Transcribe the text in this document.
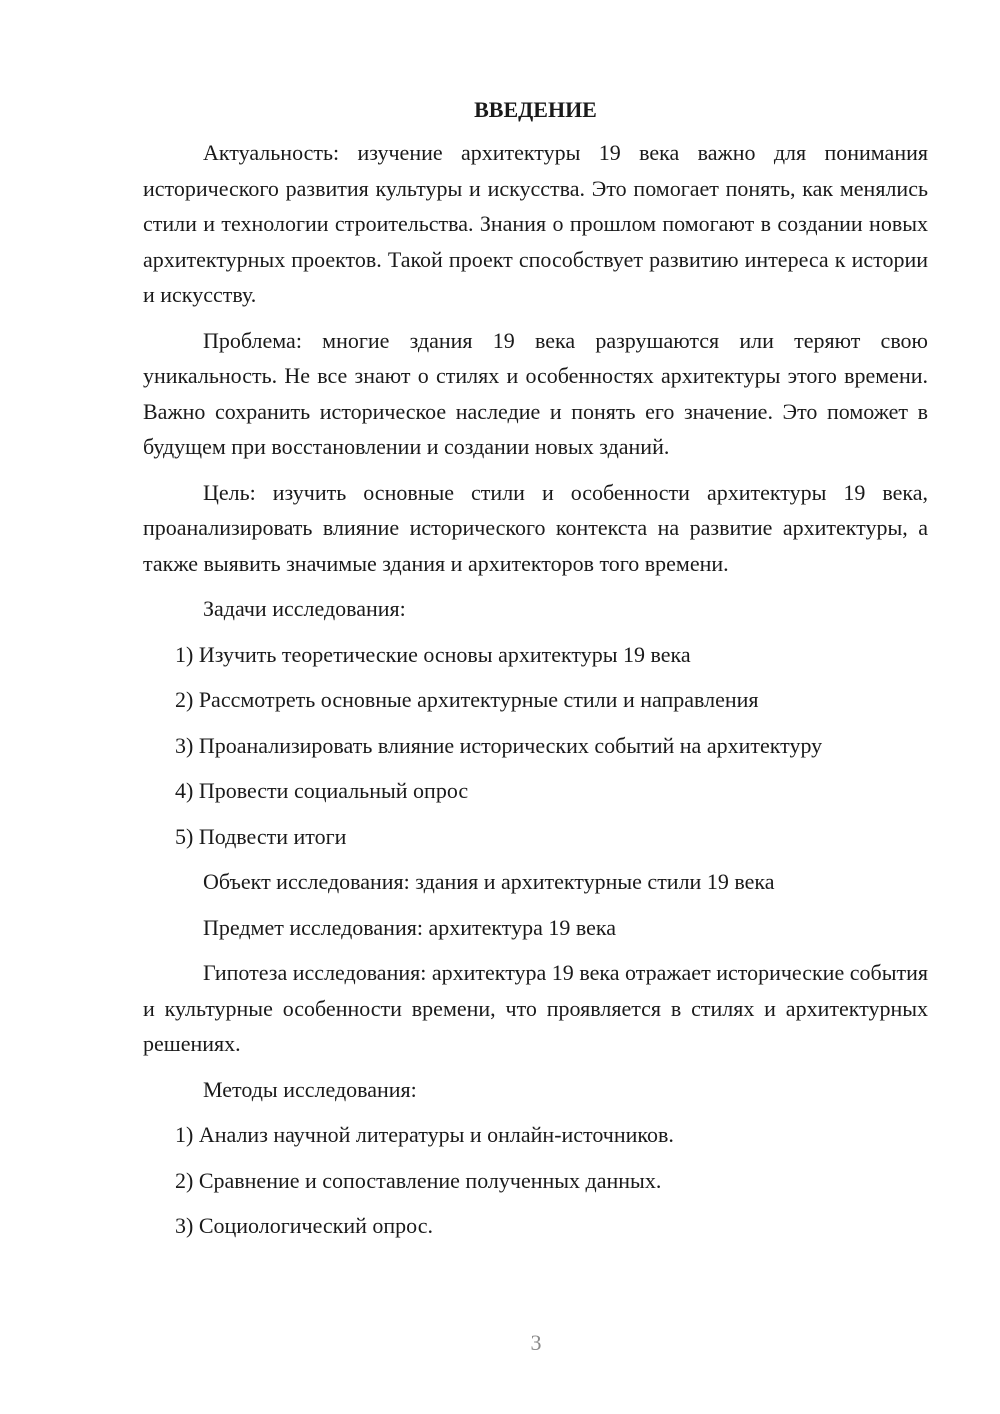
ВВЕДЕНИЕ
Актуальность: изучение архитектуры 19 века важно для понимания исторического развития культуры и искусства. Это помогает понять, как менялись стили и технологии строительства. Знания о прошлом помогают в создании новых архитектурных проектов. Такой проект способствует развитию интереса к истории и искусству.
Проблема: многие здания 19 века разрушаются или теряют свою уникальность. Не все знают о стилях и особенностях архитектуры этого времени. Важно сохранить историческое наследие и понять его значение. Это поможет в будущем при восстановлении и создании новых зданий.
Цель: изучить основные стили и особенности архитектуры 19 века, проанализировать влияние исторического контекста на развитие архитектуры, а также выявить значимые здания и архитекторов того времени.
Задачи исследования:
1) Изучить теоретические основы архитектуры 19 века
2) Рассмотреть основные архитектурные стили и направления
3) Проанализировать влияние исторических событий на архитектуру
4) Провести социальный опрос
5) Подвести итоги
Объект исследования: здания и архитектурные стили 19 века
Предмет исследования: архитектура 19 века
Гипотеза исследования: архитектура 19 века отражает исторические события и культурные особенности времени, что проявляется в стилях и архитектурных решениях.
Методы исследования:
1) Анализ научной литературы и онлайн-источников.
2) Сравнение и сопоставление полученных данных.
3) Социологический опрос.
3
